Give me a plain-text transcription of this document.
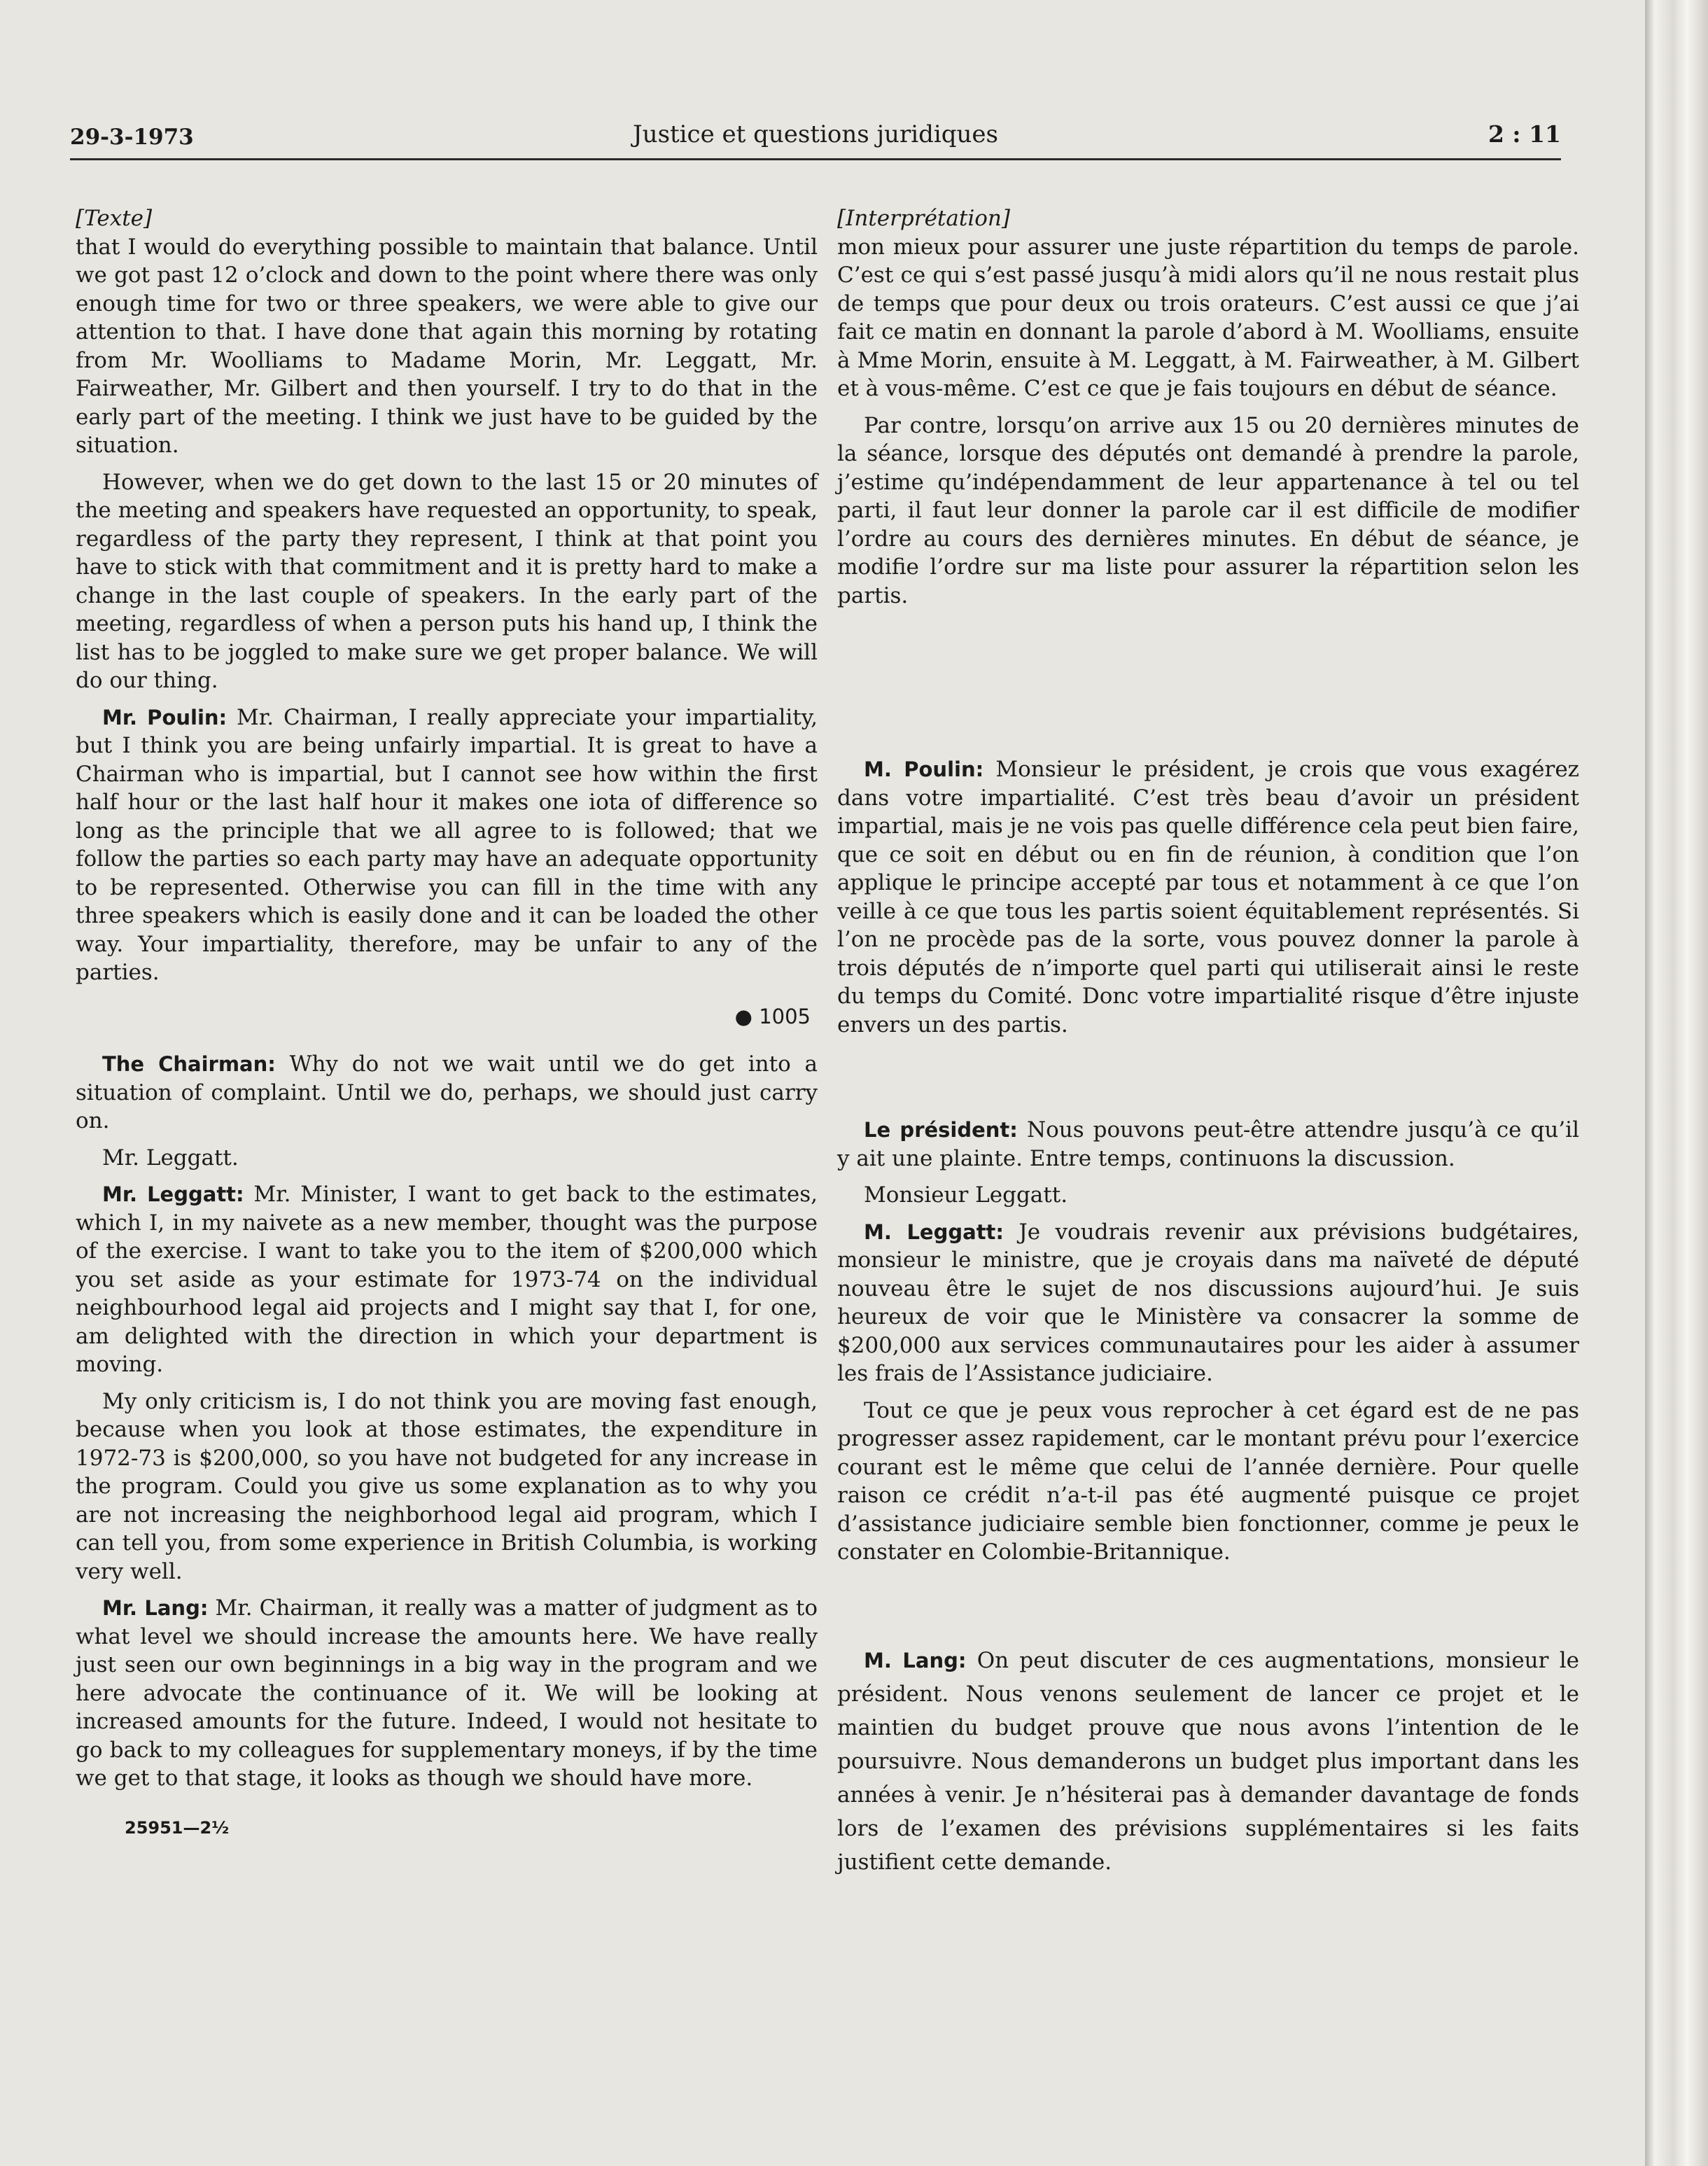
29-3-1973	Justice et questions juridiques	2 : 11

[Texte]

that I would do everything possible to maintain that balance. Until we got past 12 o’clock and down to the point where there was only enough time for two or three speakers, we were able to give our attention to that. I have done that again this morning by rotating from Mr. Woolliams to Madame Morin, Mr. Leggatt, Mr. Fairweather, Mr. Gilbert and then yourself. I try to do that in the early part of the meeting. I think we just have to be guided by the situation.

However, when we do get down to the last 15 or 20 minutes of the meeting and speakers have requested an opportunity, to speak, regardless of the party they represent, I think at that point you have to stick with that commitment and it is pretty hard to make a change in the last couple of speakers. In the early part of the meeting, regardless of when a person puts his hand up, I think the list has to be joggled to make sure we get proper balance. We will do our thing.

Mr. Poulin: Mr. Chairman, I really appreciate your impartiality, but I think you are being unfairly impartial. It is great to have a Chairman who is impartial, but I cannot see how within the first half hour or the last half hour it makes one iota of difference so long as the principle that we all agree to is followed; that we follow the parties so each party may have an adequate opportunity to be represented. Otherwise you can fill in the time with any three speakers which is easily done and it can be loaded the other way. Your impartiality, therefore, may be unfair to any of the parties.

● 1005

The Chairman: Why do not we wait until we do get into a situation of complaint. Until we do, perhaps, we should just carry on.

Mr. Leggatt.

Mr. Leggatt: Mr. Minister, I want to get back to the estimates, which I, in my naivete as a new member, thought was the purpose of the exercise. I want to take you to the item of $200,000 which you set aside as your estimate for 1973-74 on the individual neighbourhood legal aid projects and I might say that I, for one, am delighted with the direction in which your department is moving.

My only criticism is, I do not think you are moving fast enough, because when you look at those estimates, the expenditure in 1972-73 is $200,000, so you have not budgeted for any increase in the program. Could you give us some explanation as to why you are not increasing the neighborhood legal aid program, which I can tell you, from some experience in British Columbia, is working very well.

Mr. Lang: Mr. Chairman, it really was a matter of judgment as to what level we should increase the amounts here. We have really just seen our own beginnings in a big way in the program and we here advocate the continuance of it. We will be looking at increased amounts for the future. Indeed, I would not hesitate to go back to my colleagues for supplementary moneys, if by the time we get to that stage, it looks as though we should have more.

25951—2½

[Interprétation]

mon mieux pour assurer une juste répartition du temps de parole. C’est ce qui s’est passé jusqu’à midi alors qu’il ne nous restait plus de temps que pour deux ou trois orateurs. C’est aussi ce que j’ai fait ce matin en donnant la parole d’abord à M. Woolliams, ensuite à Mme Morin, ensuite à M. Leggatt, à M. Fairweather, à M. Gilbert et à vous-même. C’est ce que je fais toujours en début de séance.

Par contre, lorsqu’on arrive aux 15 ou 20 dernières minutes de la séance, lorsque des députés ont demandé à prendre la parole, j’estime qu’indépendamment de leur appartenance à tel ou tel parti, il faut leur donner la parole car il est difficile de modifier l’ordre au cours des dernières minutes. En début de séance, je modifie l’ordre sur ma liste pour assurer la répartition selon les partis.

M. Poulin: Monsieur le président, je crois que vous exagérez dans votre impartialité. C’est très beau d’avoir un président impartial, mais je ne vois pas quelle différence cela peut bien faire, que ce soit en début ou en fin de réunion, à condition que l’on applique le principe accepté par tous et notamment à ce que l’on veille à ce que tous les partis soient équitablement représentés. Si l’on ne procède pas de la sorte, vous pouvez donner la parole à trois députés de n’importe quel parti qui utiliserait ainsi le reste du temps du Comité. Donc votre impartialité risque d’être injuste envers un des partis.

Le président: Nous pouvons peut-être attendre jusqu’à ce qu’il y ait une plainte. Entre temps, continuons la discussion.

Monsieur Leggatt.

M. Leggatt: Je voudrais revenir aux prévisions budgétaires, monsieur le ministre, que je croyais dans ma naïveté de député nouveau être le sujet de nos discussions aujourd’hui. Je suis heureux de voir que le Ministère va consacrer la somme de $200,000 aux services communautaires pour les aider à assumer les frais de l’Assistance judiciaire.

Tout ce que je peux vous reprocher à cet égard est de ne pas progresser assez rapidement, car le montant prévu pour l’exercice courant est le même que celui de l’année dernière. Pour quelle raison ce crédit n’a-t-il pas été augmenté puisque ce projet d’assistance judiciaire semble bien fonctionner, comme je peux le constater en Colombie-Britannique.

M. Lang: On peut discuter de ces augmentations, monsieur le président. Nous venons seulement de lancer ce projet et le maintien du budget prouve que nous avons l’intention de le poursuivre. Nous demanderons un budget plus important dans les années à venir. Je n’hésiterai pas à demander davantage de fonds lors de l’examen des prévisions supplémentaires si les faits justifient cette demande.
